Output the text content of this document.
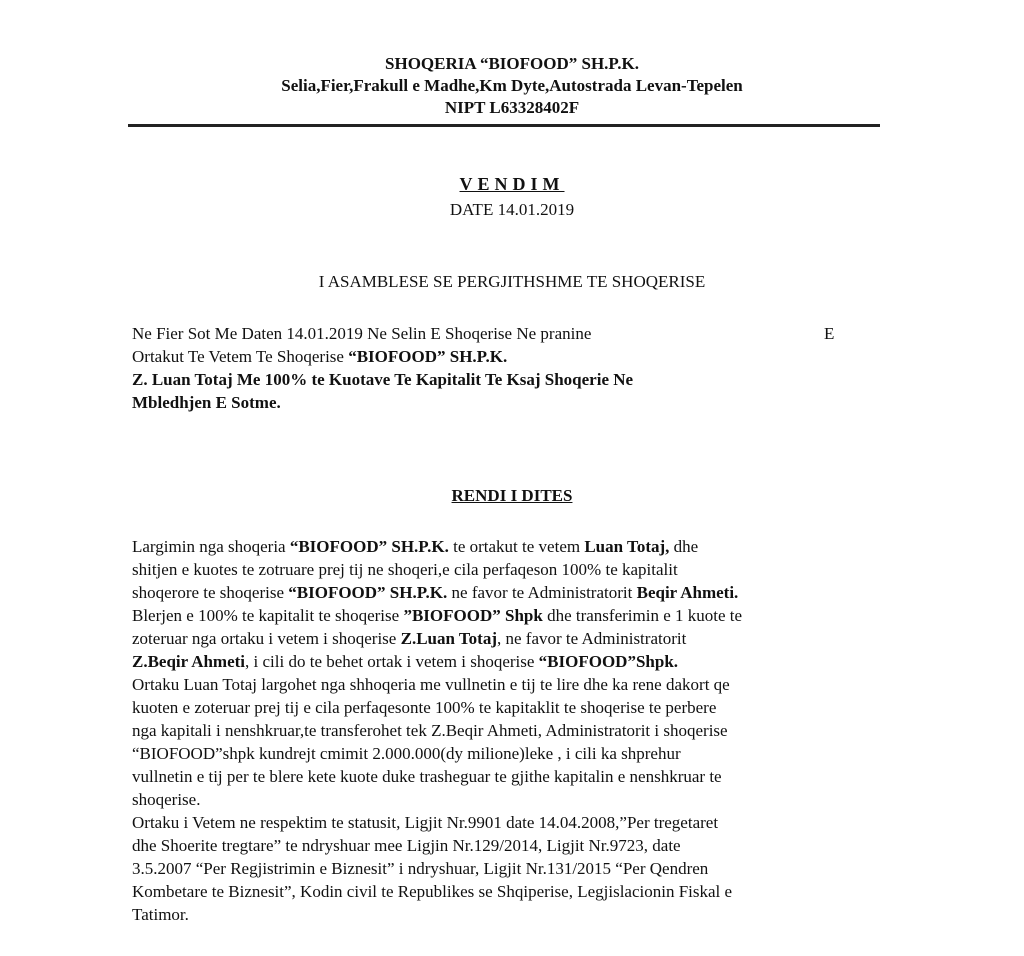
SHOQERIA “BIOFOOD” SH.P.K.
Selia,Fier,Frakull e Madhe,Km Dyte,Autostrada Levan-Tepelen
NIPT L63328402F
VENDIM
DATE 14.01.2019
I ASAMBLESE SE PERGJITHSHME TE SHOQERISE
Ne Fier Sot Me Daten 14.01.2019 Ne Selin E Shoqerise Ne pranine	E
Ortakut Te Vetem Te Shoqerise “BIOFOOD” SH.P.K.
Z. Luan Totaj Me 100% te Kuotave Te Kapitalit Te Ksaj Shoqerie Ne
Mbledhjen E Sotme.
RENDI I DITES
Largimin nga shoqeria “BIOFOOD” SH.P.K. te ortakut te vetem Luan Totaj, dhe
shitjen e kuotes te zotruare prej tij ne shoqeri,e cila perfaqeson 100% te kapitalit
shoqerore te shoqerise “BIOFOOD” SH.P.K. ne favor te Administratorit Beqir Ahmeti.
Blerjen e 100% te kapitalit te shoqerise ”BIOFOOD” Shpk dhe transferimin e 1 kuote te
zoteruar nga ortaku i vetem i shoqerise Z.Luan Totaj, ne favor te Administratorit
Z.Beqir Ahmeti, i cili do te behet ortak i vetem i shoqerise “BIOFOOD”Shpk.
Ortaku Luan Totaj largohet nga shhoqeria me vullnetin e tij te lire dhe ka rene dakort qe
kuoten e zoteruar prej tij e cila perfaqesonte 100% te kapitaklit te shoqerise te perbere
nga kapitali i nenshkruar,te transferohet tek Z.Beqir Ahmeti, Administratorit i shoqerise
“BIOFOOD”shpk kundrejt cmimit 2.000.000(dy milione)leke , i cili ka shprehur
vullnetin e tij per te blere kete kuote duke trasheguar te gjithe kapitalin e nenshkruar te
shoqerise.
Ortaku i Vetem ne respektim te statusit, Ligjit Nr.9901 date 14.04.2008,”Per tregetaret
dhe Shoerite tregtare” te ndryshuar mee Ligjin Nr.129/2014, Ligjit Nr.9723, date
3.5.2007 “Per Regjistrimin e Biznesit” i ndryshuar, Ligjit Nr.131/2015 “Per Qendren
Kombetare te Biznesit”, Kodin civil te Republikes se Shqiperise, Legjislacionin Fiskal e
Tatimor.
